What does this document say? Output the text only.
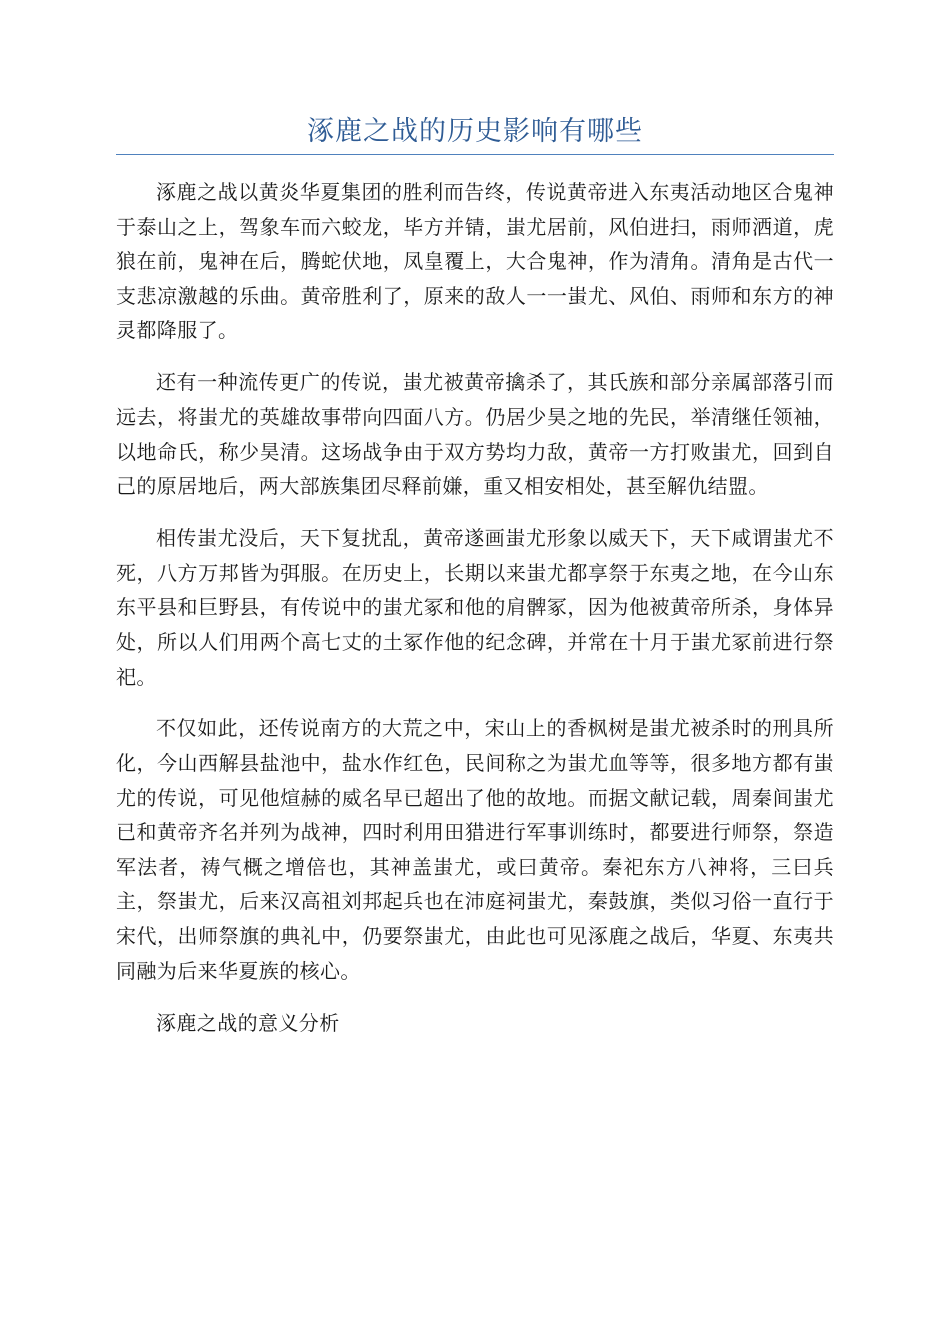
涿鹿之战的历史影响有哪些

涿鹿之战以黄炎华夏集团的胜利而告终，传说黄帝进入东夷活动地区合鬼神于泰山之上，驾象车而六蛟龙，毕方并锖，蚩尤居前，风伯进扫，雨师洒道，虎狼在前，鬼神在后，腾蛇伏地，凤皇覆上，大合鬼神，作为清角。清角是古代一支悲凉激越的乐曲。黄帝胜利了，原来的敌人一一蚩尤、风伯、雨师和东方的神灵都降服了。

还有一种流传更广的传说，蚩尤被黄帝擒杀了，其氏族和部分亲属部落引而远去，将蚩尤的英雄故事带向四面八方。仍居少昊之地的先民，举清继任领袖，以地命氏，称少昊清。这场战争由于双方势均力敌，黄帝一方打败蚩尤，回到自己的原居地后，两大部族集团尽释前嫌，重又相安相处，甚至解仇结盟。

相传蚩尤没后，天下复扰乱，黄帝遂画蚩尤形象以威天下，天下咸谓蚩尤不死，八方万邦皆为弭服。在历史上，长期以来蚩尤都享祭于东夷之地，在今山东东平县和巨野县，有传说中的蚩尤冢和他的肩髀冢，因为他被黄帝所杀，身体异处，所以人们用两个高七丈的土冢作他的纪念碑，并常在十月于蚩尤冢前进行祭祀。

不仅如此，还传说南方的大荒之中，宋山上的香枫树是蚩尤被杀时的刑具所化，今山西解县盐池中，盐水作红色，民间称之为蚩尤血等等，很多地方都有蚩尤的传说，可见他煊赫的威名早已超出了他的故地。而据文献记载，周秦间蚩尤已和黄帝齐名并列为战神，四时利用田猎进行军事训练时，都要进行师祭，祭造军法者，祷气概之增倍也，其神盖蚩尤，或曰黄帝。秦祀东方八神将，三曰兵主，祭蚩尤，后来汉高祖刘邦起兵也在沛庭祠蚩尤，秦鼓旗，类似习俗一直行于宋代，出师祭旗的典礼中，仍要祭蚩尤，由此也可见涿鹿之战后，华夏、东夷共同融为后来华夏族的核心。

涿鹿之战的意义分析
